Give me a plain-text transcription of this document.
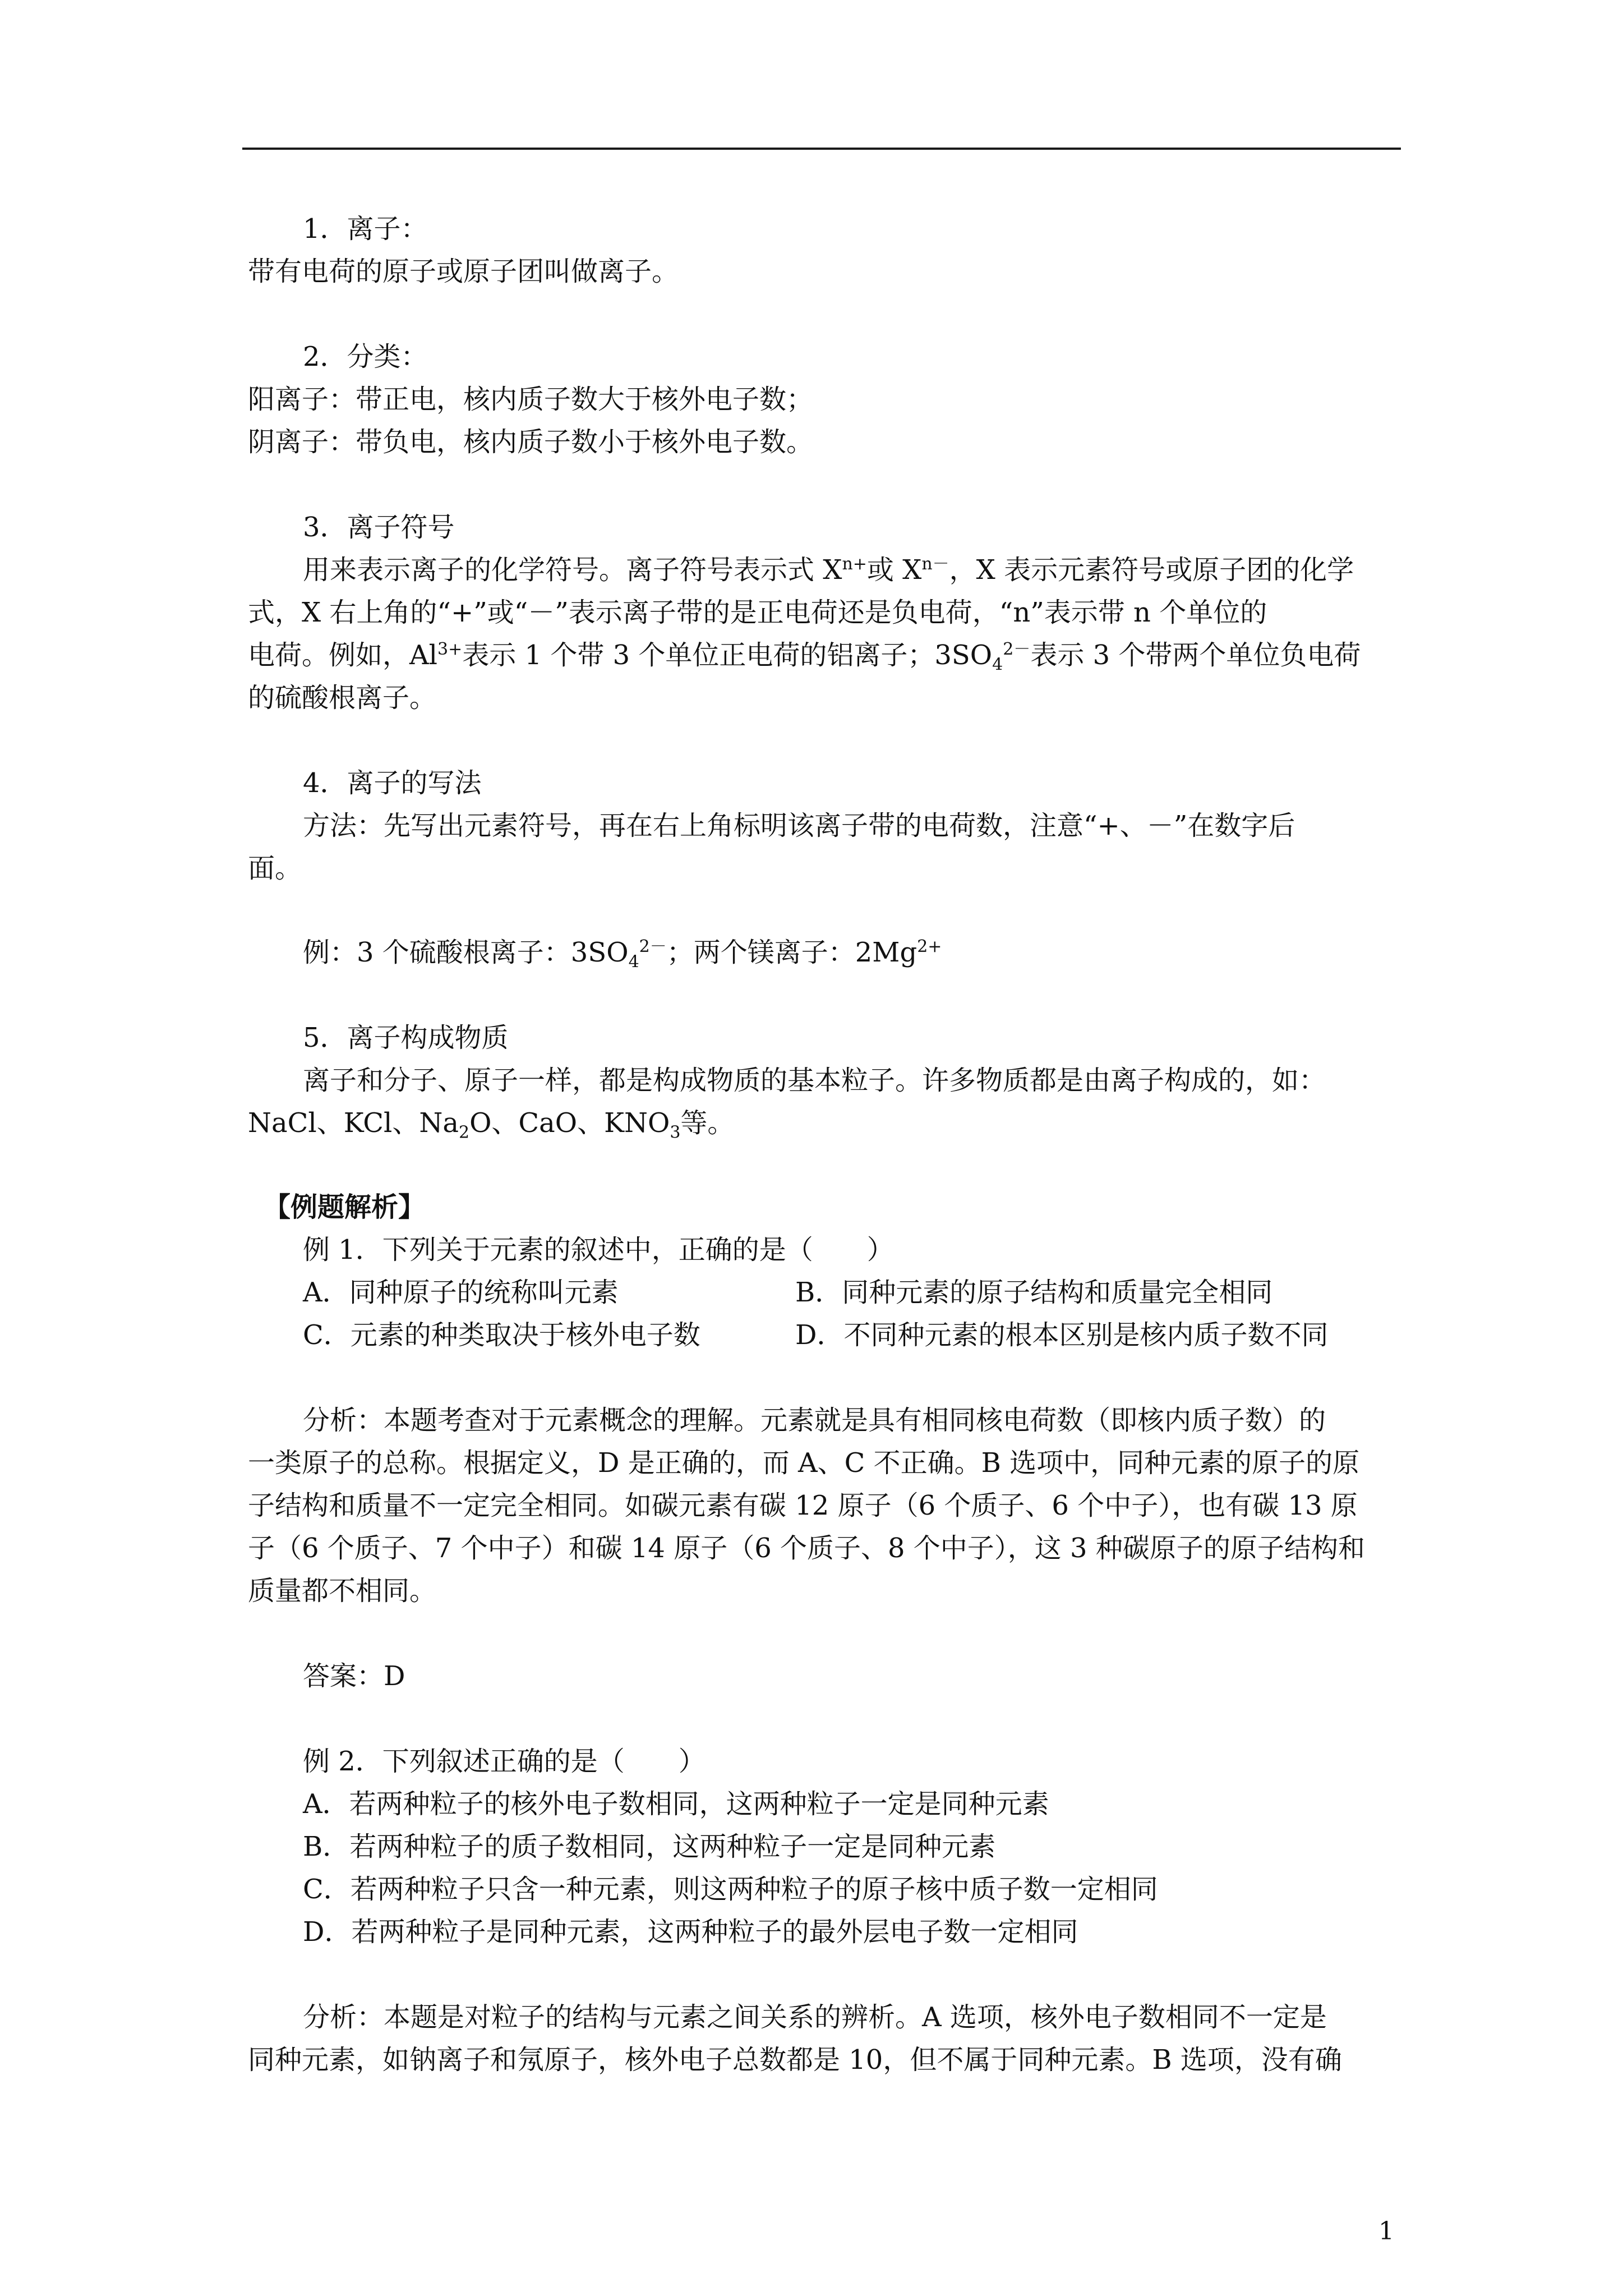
1．离子：
带有电荷的原子或原子团叫做离子。
2．分类：
阳离子：带正电，核内质子数大于核外电子数；
阴离子：带负电，核内质子数小于核外电子数。
3．离子符号
用来表示离子的化学符号。离子符号表示式 $X^{n+}$或 $X^{n-}$，X 表示元素符号或原子团的化学
式，X 右上角的“+”或“－”表示离子带的是正电荷还是负电荷，“n”表示带 n 个单位的
电荷。例如，$Al^{3+}$表示 1 个带 3 个单位正电荷的铝离子；$3SO_4^{2-}$表示 3 个带两个单位负电荷
的硫酸根离子。
4．离子的写法
方法：先写出元素符号，再在右上角标明该离子带的电荷数，注意“+、－”在数字后
面。
例：3 个硫酸根离子：$3SO_4^{2-}$；两个镁离子：$2Mg^{2+}$
5．离子构成物质
离子和分子、原子一样，都是构成物质的基本粒子。许多物质都是由离子构成的，如：
NaCl、KCl、$Na_2O$、CaO、$KNO_3$等。
【例题解析】
例 1．下列关于元素的叙述中，正确的是（　　）
A．同种原子的统称叫元素	B．同种元素的原子结构和质量完全相同
C．元素的种类取决于核外电子数	D．不同种元素的根本区别是核内质子数不同
分析：本题考查对于元素概念的理解。元素就是具有相同核电荷数（即核内质子数）的
一类原子的总称。根据定义，D 是正确的，而 A、C 不正确。B 选项中，同种元素的原子的原
子结构和质量不一定完全相同。如碳元素有碳 12 原子（6 个质子、6 个中子），也有碳 13 原
子（6 个质子、7 个中子）和碳 14 原子（6 个质子、8 个中子），这 3 种碳原子的原子结构和
质量都不相同。
答案：D
例 2．下列叙述正确的是（　　）
A．若两种粒子的核外电子数相同，这两种粒子一定是同种元素
B．若两种粒子的质子数相同，这两种粒子一定是同种元素
C．若两种粒子只含一种元素，则这两种粒子的原子核中质子数一定相同
D．若两种粒子是同种元素，这两种粒子的最外层电子数一定相同
分析：本题是对粒子的结构与元素之间关系的辨析。A 选项，核外电子数相同不一定是
同种元素，如钠离子和氖原子，核外电子总数都是 10，但不属于同种元素。B 选项，没有确
1
